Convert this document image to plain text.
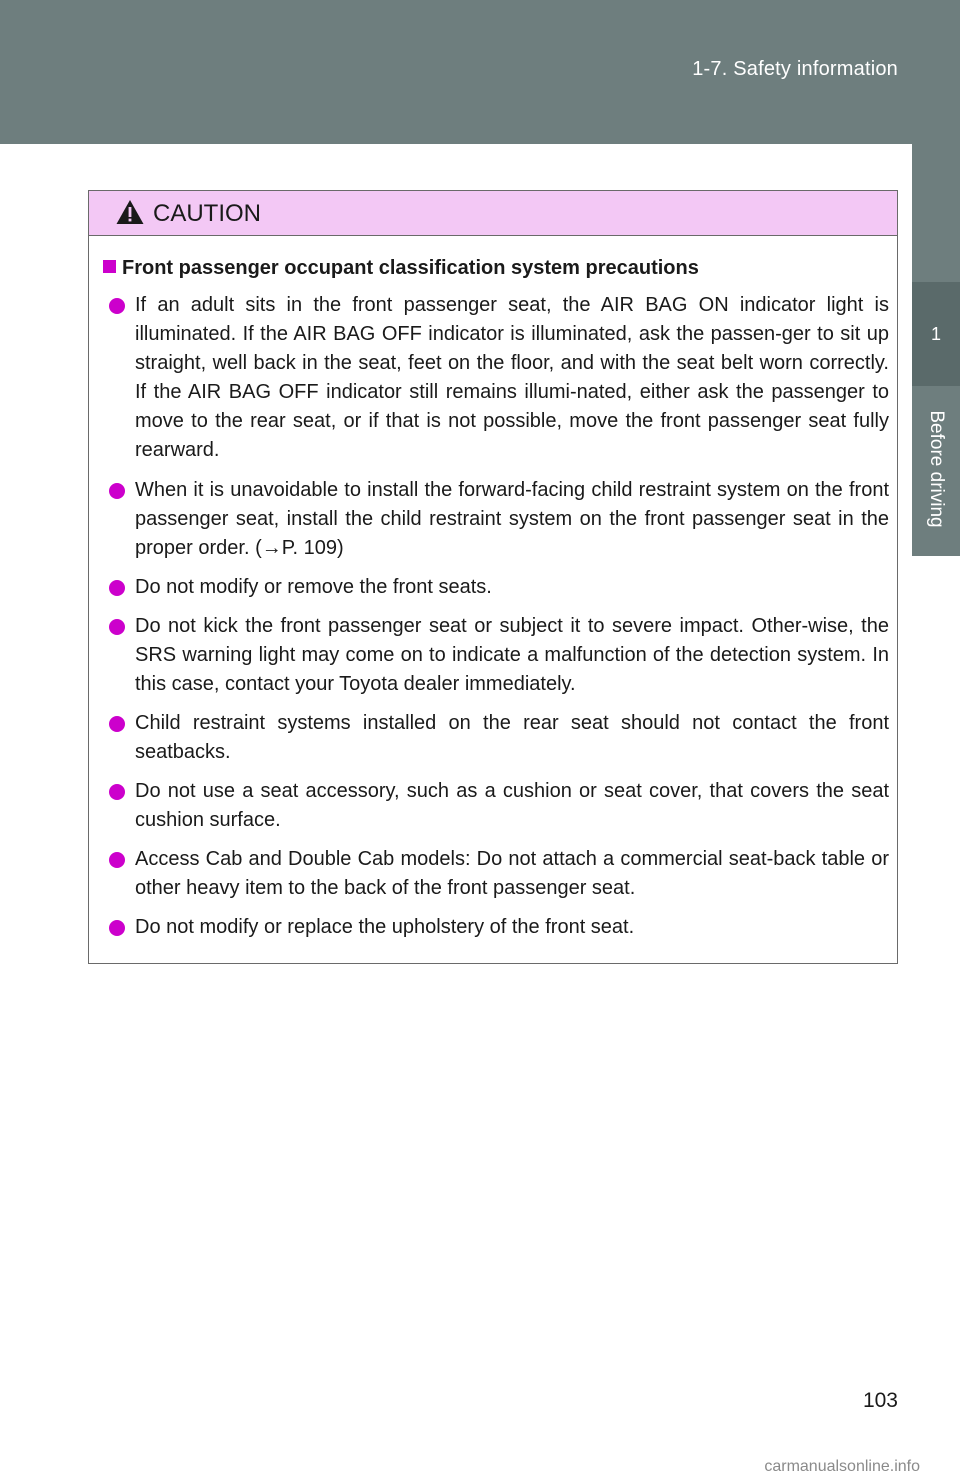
1-7. Safety information
1
Before driving
CAUTION
Front passenger occupant classification system precautions
If an adult sits in the front passenger seat, the AIR BAG ON indicator light is illuminated. If the AIR BAG OFF indicator is illuminated, ask the passen-ger to sit up straight, well back in the seat, feet on the floor, and with the seat belt worn correctly. If the AIR BAG OFF indicator still remains illumi-nated, either ask the passenger to move to the rear seat, or if that is not possible, move the front passenger seat fully rearward.
When it is unavoidable to install the forward-facing child restraint system on the front passenger seat, install the child restraint system on the front passenger seat in the proper order. (→P. 109)
Do not modify or remove the front seats.
Do not kick the front passenger seat or subject it to severe impact. Other-wise, the SRS warning light may come on to indicate a malfunction of the detection system. In this case, contact your Toyota dealer immediately.
Child restraint systems installed on the rear seat should not contact the front seatbacks.
Do not use a seat accessory, such as a cushion or seat cover, that covers the seat cushion surface.
Access Cab and Double Cab models: Do not attach a commercial seat-back table or other heavy item to the back of the front passenger seat.
Do not modify or replace the upholstery of the front seat.
103
carmanualsonline.info
